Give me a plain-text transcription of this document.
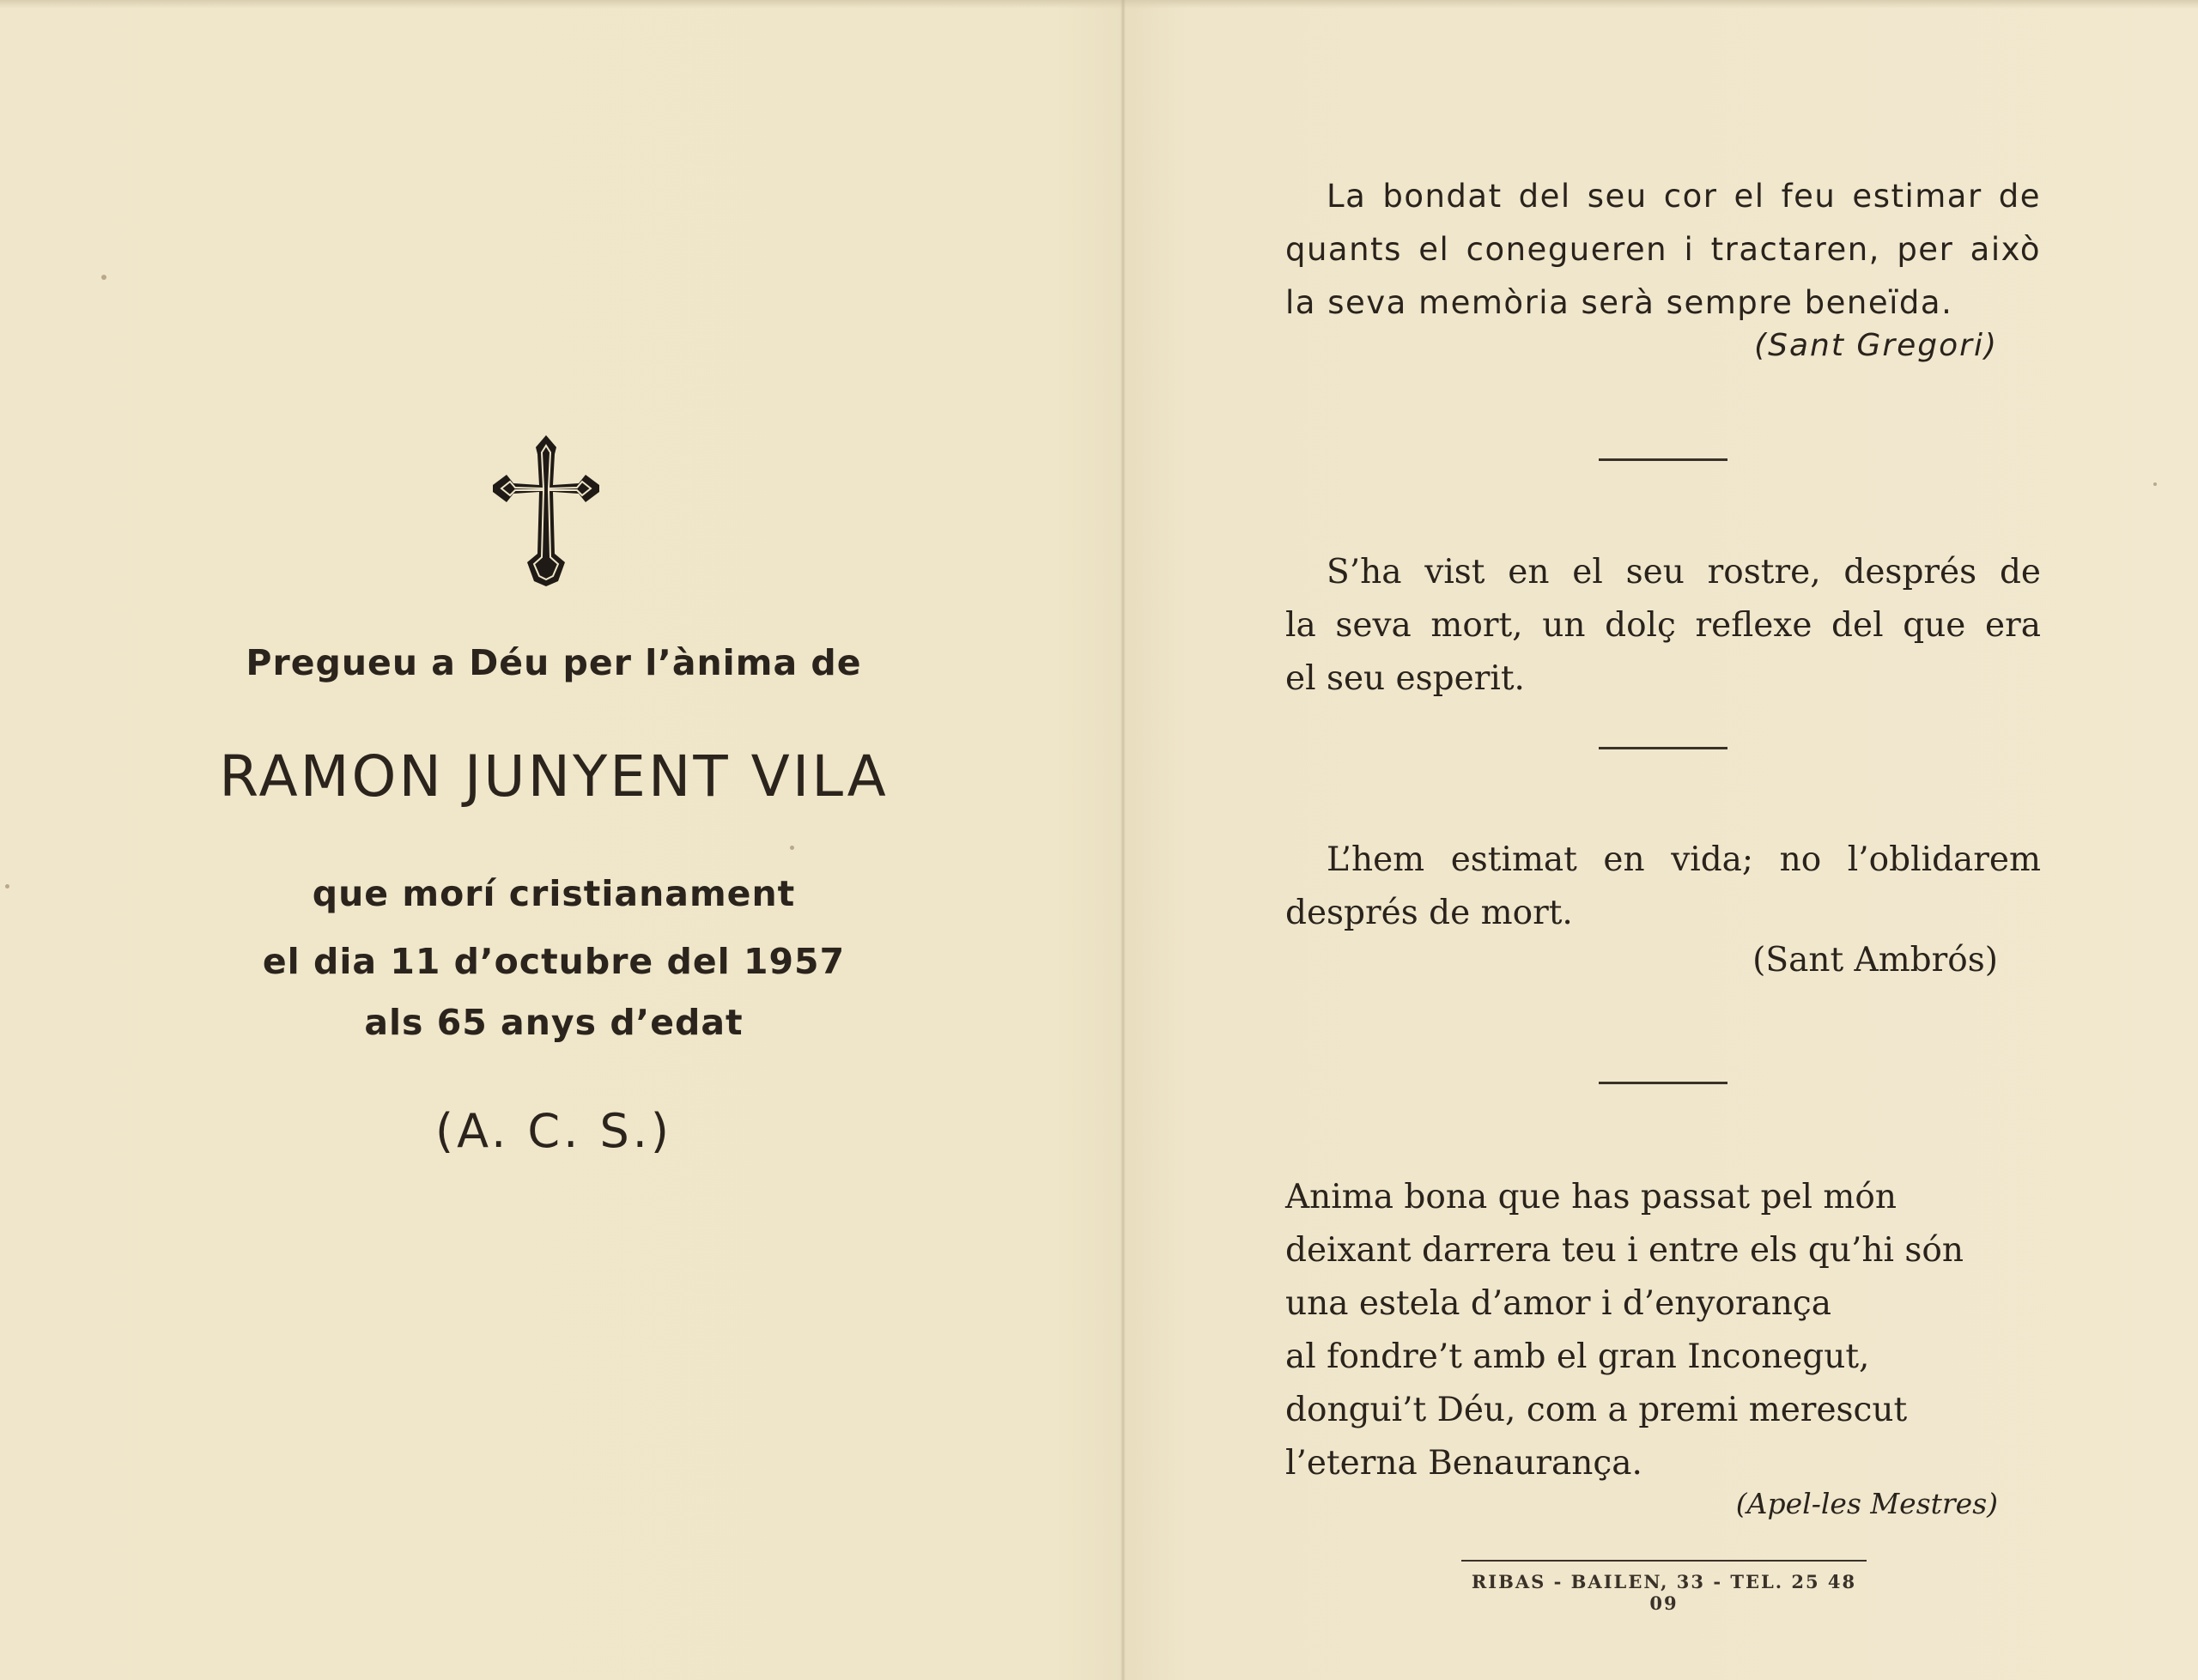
Pregueu a Déu per l’ànima de
RAMON JUNYENT VILA
que morí cristianament
el dia 11 d’octubre del 1957
als 65 anys d’edat
(A. C. S.)
La bondat del seu cor el feu estimar de
quants el conegueren i tractaren, per això
la seva memòria serà sempre beneïda.
(Sant Gregori)
S’ha vist en el seu rostre, després de
la seva mort, un dolç reflexe del que era
el seu esperit.
L’hem estimat en vida; no l’oblidarem
després de mort.
(Sant Ambrós)
Anima bona que has passat pel món
deixant darrera teu i entre els qu’hi són
una estela d’amor i d’enyorança
al fondre’t amb el gran Inconegut,
dongui’t Déu, com a premi merescut
l’eterna Benaurança.
(Apel-les Mestres)
RIBAS - BAILEN, 33 - TEL. 25 48 09
